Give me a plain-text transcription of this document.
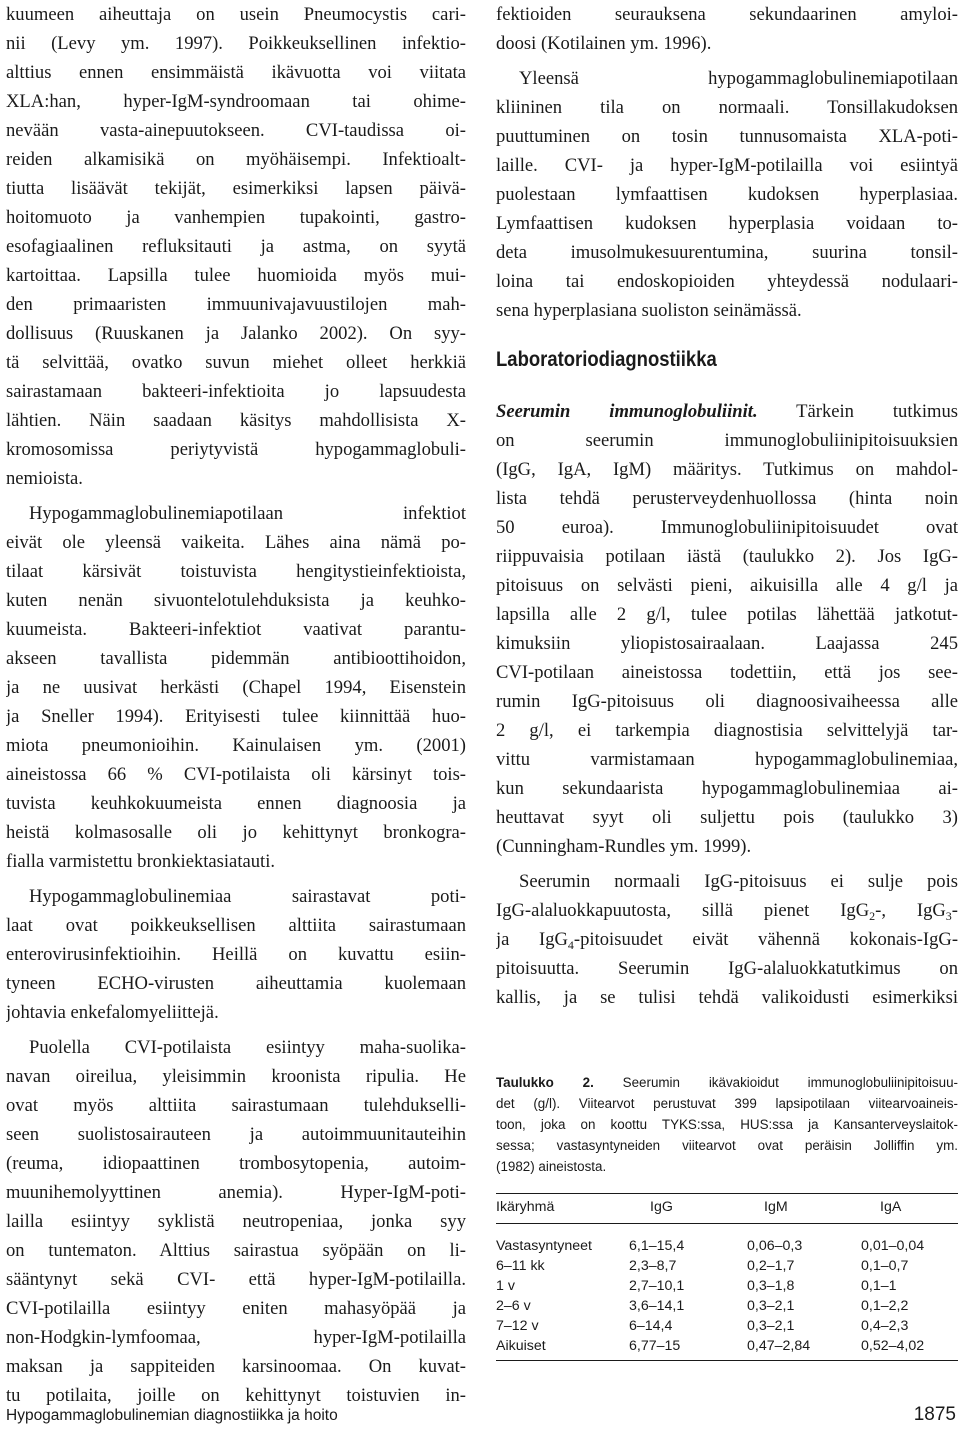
kuumeen aiheuttaja on usein Pneumocystis cari-
nii (Levy ym. 1997). Poikkeuksellinen infektio-
alttius ennen ensimmäistä ikävuotta voi viitata
XLA:han, hyper-IgM-syndroomaan tai ohime-
nevään vasta-ainepuutokseen. CVI-taudissa oi-
reiden alkamisikä on myöhäisempi. Infektioalt-
tiutta lisäävät tekijät, esimerkiksi lapsen päivä-
hoitomuoto ja vanhempien tupakointi, gastro-
esofagiaalinen refluksitauti ja astma, on syytä
kartoittaa. Lapsilla tulee huomioida myös mui-
den primaaristen immuunivajavuustilojen mah-
dollisuus (Ruuskanen ja Jalanko 2002). On syy-
tä selvittää, ovatko suvun miehet olleet herkkiä
sairastamaan bakteeri-infektioita jo lapsuudesta
lähtien. Näin saadaan käsitys mahdollisista X-
kromosomissa periytyvistä hypogammaglobuli-
nemioista.
Hypogammaglobulinemiapotilaan infektiot
eivät ole yleensä vaikeita. Lähes aina nämä po-
tilaat kärsivät toistuvista hengitystieinfektioista,
kuten nenän sivuontelotulehduksista ja keuhko-
kuumeista. Bakteeri-infektiot vaativat parantu-
akseen tavallista pidemmän antibioottihoidon,
ja ne uusivat herkästi (Chapel 1994, Eisenstein
ja Sneller 1994). Erityisesti tulee kiinnittää huo-
miota pneumonioihin. Kainulaisen ym. (2001)
aineistossa 66 % CVI-potilaista oli kärsinyt tois-
tuvista keuhkokuumeista ennen diagnoosia ja
heistä kolmasosalle oli jo kehittynyt bronkogra-
fialla varmistettu bronkiektasiatauti.
Hypogammaglobulinemiaa sairastavat poti-
laat ovat poikkeuksellisen alttiita sairastumaan
enterovirusinfektioihin. Heillä on kuvattu esiin-
tyneen ECHO-virusten aiheuttamia kuolemaan
johtavia enkefalomyeliittejä.
Puolella CVI-potilaista esiintyy maha-suolika-
navan oireilua, yleisimmin kroonista ripulia. He
ovat myös alttiita sairastumaan tulehdukselli-
seen suolistosairauteen ja autoimmuunitauteihin
(reuma, idiopaattinen trombosytopenia, autoim-
muunihemolyyttinen anemia). Hyper-IgM-poti-
lailla esiintyy syklistä neutropeniaa, jonka syy
on tuntematon. Alttius sairastua syöpään on li-
sääntynyt sekä CVI- että hyper-IgM-potilailla.
CVI-potilailla esiintyy eniten mahasyöpää ja
non-Hodgkin-lymfoomaa, hyper-IgM-potilailla
maksan ja sappiteiden karsinoomaa. On kuvat-
tu potilaita, joille on kehittynyt toistuvien in-
fektioiden seurauksena sekundaarinen amyloi-
doosi (Kotilainen ym. 1996).
Yleensä hypogammaglobulinemiapotilaan
kliininen tila on normaali. Tonsillakudoksen
puuttuminen on tosin tunnusomaista XLA-poti-
laille. CVI- ja hyper-IgM-potilailla voi esiintyä
puolestaan lymfaattisen kudoksen hyperplasiaa.
Lymfaattisen kudoksen hyperplasia voidaan to-
deta imusolmukesuurentumina, suurina tonsil-
loina tai endoskopioiden yhteydessä nodulaari-
sena hyperplasiana suoliston seinämässä.
Laboratoriodiagnostiikka
Seerumin immunoglobuliinit. Tärkein tutkimus
on seerumin immunoglobuliinipitoisuuksien
(IgG, IgA, IgM) määritys. Tutkimus on mahdol-
lista tehdä perusterveydenhuollossa (hinta noin
50 euroa). Immunoglobuliinipitoisuudet ovat
riippuvaisia potilaan iästä (taulukko 2). Jos IgG-
pitoisuus on selvästi pieni, aikuisilla alle 4 g/l ja
lapsilla alle 2 g/l, tulee potilas lähettää jatkotut-
kimuksiin yliopistosairaalaan. Laajassa 245
CVI-potilaan aineistossa todettiin, että jos see-
rumin IgG-pitoisuus oli diagnoosivaiheessa alle
2 g/l, ei tarkempia diagnostisia selvittelyjä tar-
vittu varmistamaan hypogammaglobulinemiaa,
kun sekundaarista hypogammaglobulinemiaa ai-
heuttavat syyt oli suljettu pois (taulukko 3)
(Cunningham-Rundles ym. 1999).
Seerumin normaali IgG-pitoisuus ei sulje pois
IgG-alaluokkapuutosta, sillä pienet IgG$_2$-, IgG$_3$-
ja IgG$_4$-pitoisuudet eivät vähennä kokonais-IgG-
pitoisuutta. Seerumin IgG-alaluokkatutkimus on
kallis, ja se tulisi tehdä valikoidusti esimerkiksi
Taulukko 2. Seerumin ikävakioidut immunoglobuliinipitoisuu-
det (g/l). Viitearvot perustuvat 399 lapsipotilaan viitearvoaineis-
toon, joka on koottu TYKS:ssa, HUS:ssa ja Kansanterveyslaitok-
sessa; vastasyntyneiden viitearvot ovat peräisin Jolliffin ym.
(1982) aineistosta.
Ikäryhmä	IgG	IgM	IgA
Vastasyntyneet	6,1–15,4	0,06–0,3	0,01–0,04
6–11 kk	2,3–8,7	0,2–1,7	0,1–0,7
1 v	2,7–10,1	0,3–1,8	0,1–1
2–6 v	3,6–14,1	0,3–2,1	0,1–2,2
7–12 v	6–14,4	0,3–2,1	0,4–2,3
Aikuiset	6,77–15	0,47–2,84	0,52–4,02
Hypogammaglobulinemian diagnostiikka ja hoito	1875
